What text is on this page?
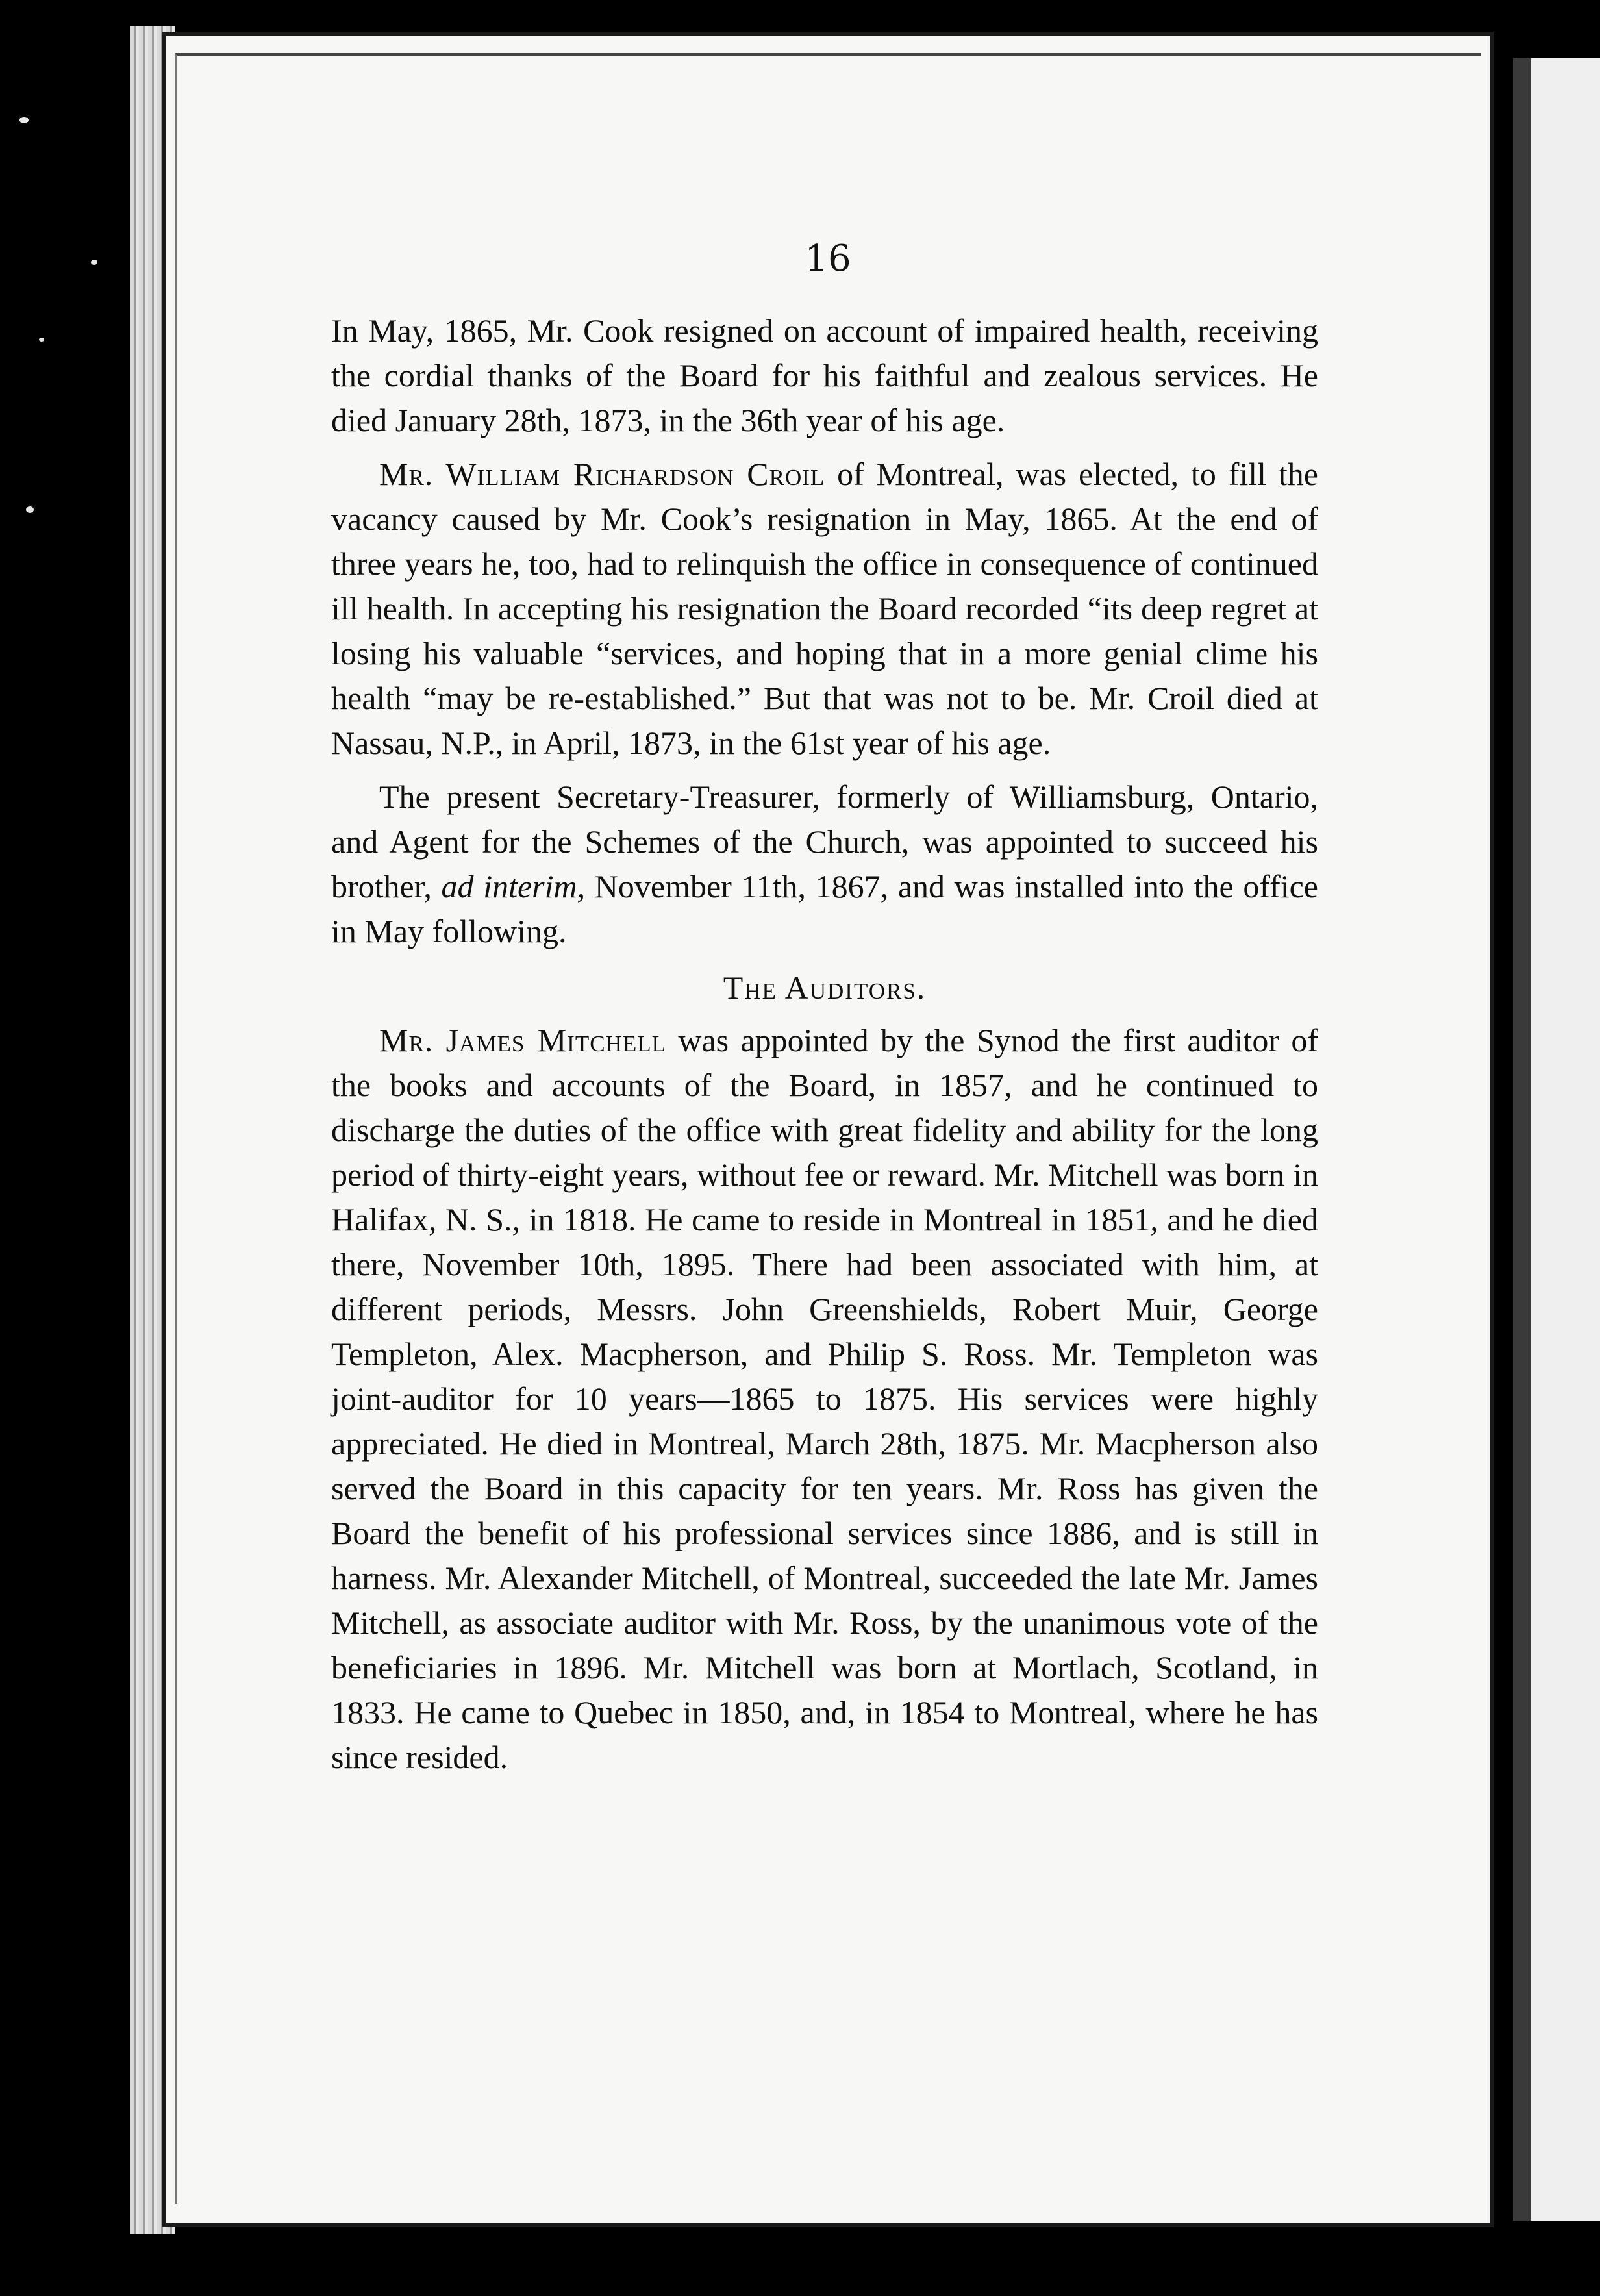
16

In May, 1865, Mr. Cook resigned on account of impaired health, receiving the cordial thanks of the Board for his faithful and zealous services. He died January 28th, 1873, in the 36th year of his age.

Mr. William Richardson Croil of Montreal, was elected, to fill the vacancy caused by Mr. Cook’s resignation in May, 1865. At the end of three years he, too, had to relinquish the office in consequence of continued ill health. In accepting his resignation the Board recorded “its deep regret at losing his valuable “services, and hoping that in a more genial clime his health “may be re-established.” But that was not to be. Mr. Croil died at Nassau, N.P., in April, 1873, in the 61st year of his age.

The present Secretary-Treasurer, formerly of Williamsburg, Ontario, and Agent for the Schemes of the Church, was appointed to succeed his brother, ad interim, November 11th, 1867, and was installed into the office in May following.

The Auditors.

Mr. James Mitchell was appointed by the Synod the first auditor of the books and accounts of the Board, in 1857, and he continued to discharge the duties of the office with great fidelity and ability for the long period of thirty-eight years, without fee or reward. Mr. Mitchell was born in Halifax, N. S., in 1818. He came to reside in Montreal in 1851, and he died there, November 10th, 1895. There had been associated with him, at different periods, Messrs. John Greenshields, Robert Muir, George Templeton, Alex. Macpherson, and Philip S. Ross. Mr. Templeton was joint-auditor for 10 years—1865 to 1875. His services were highly appreciated. He died in Montreal, March 28th, 1875. Mr. Macpherson also served the Board in this capacity for ten years. Mr. Ross has given the Board the benefit of his professional services since 1886, and is still in harness. Mr. Alexander Mitchell, of Montreal, succeeded the late Mr. James Mitchell, as associate auditor with Mr. Ross, by the unanimous vote of the beneficiaries in 1896. Mr. Mitchell was born at Mortlach, Scotland, in 1833. He came to Quebec in 1850, and, in 1854 to Montreal, where he has since resided.
